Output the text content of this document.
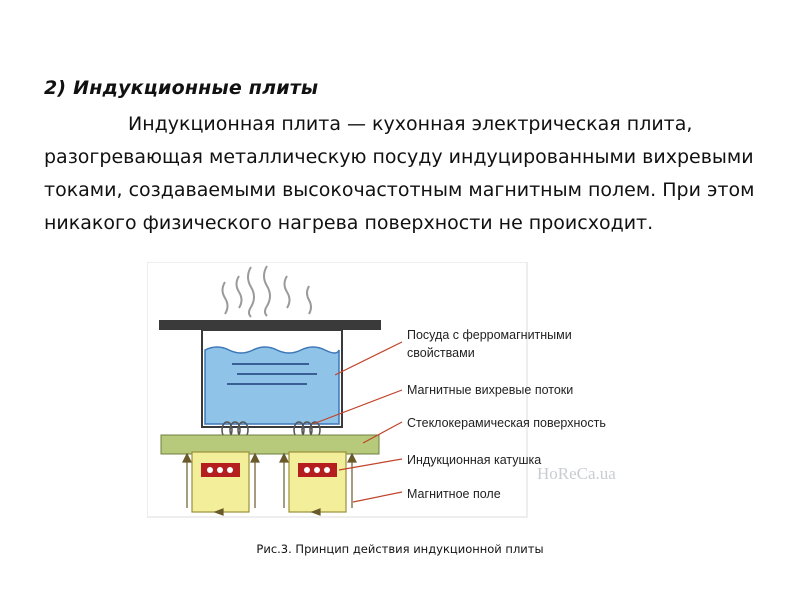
2) Индукционные плиты

Индукционная плита — кухонная электрическая плита, разогревающая металлическую посуду индуцированными вихревыми токами, создаваемыми высокочастотным магнитным полем. При этом никакого физического нагрева поверхности не происходит.

Посуда с ферромагнитными
свойствами
Магнитные вихревые потоки
Стеклокерамическая поверхность
Индукционная катушка
Магнитное поле
HoReCa.ua

Рис.3. Принцип действия индукционной плиты
